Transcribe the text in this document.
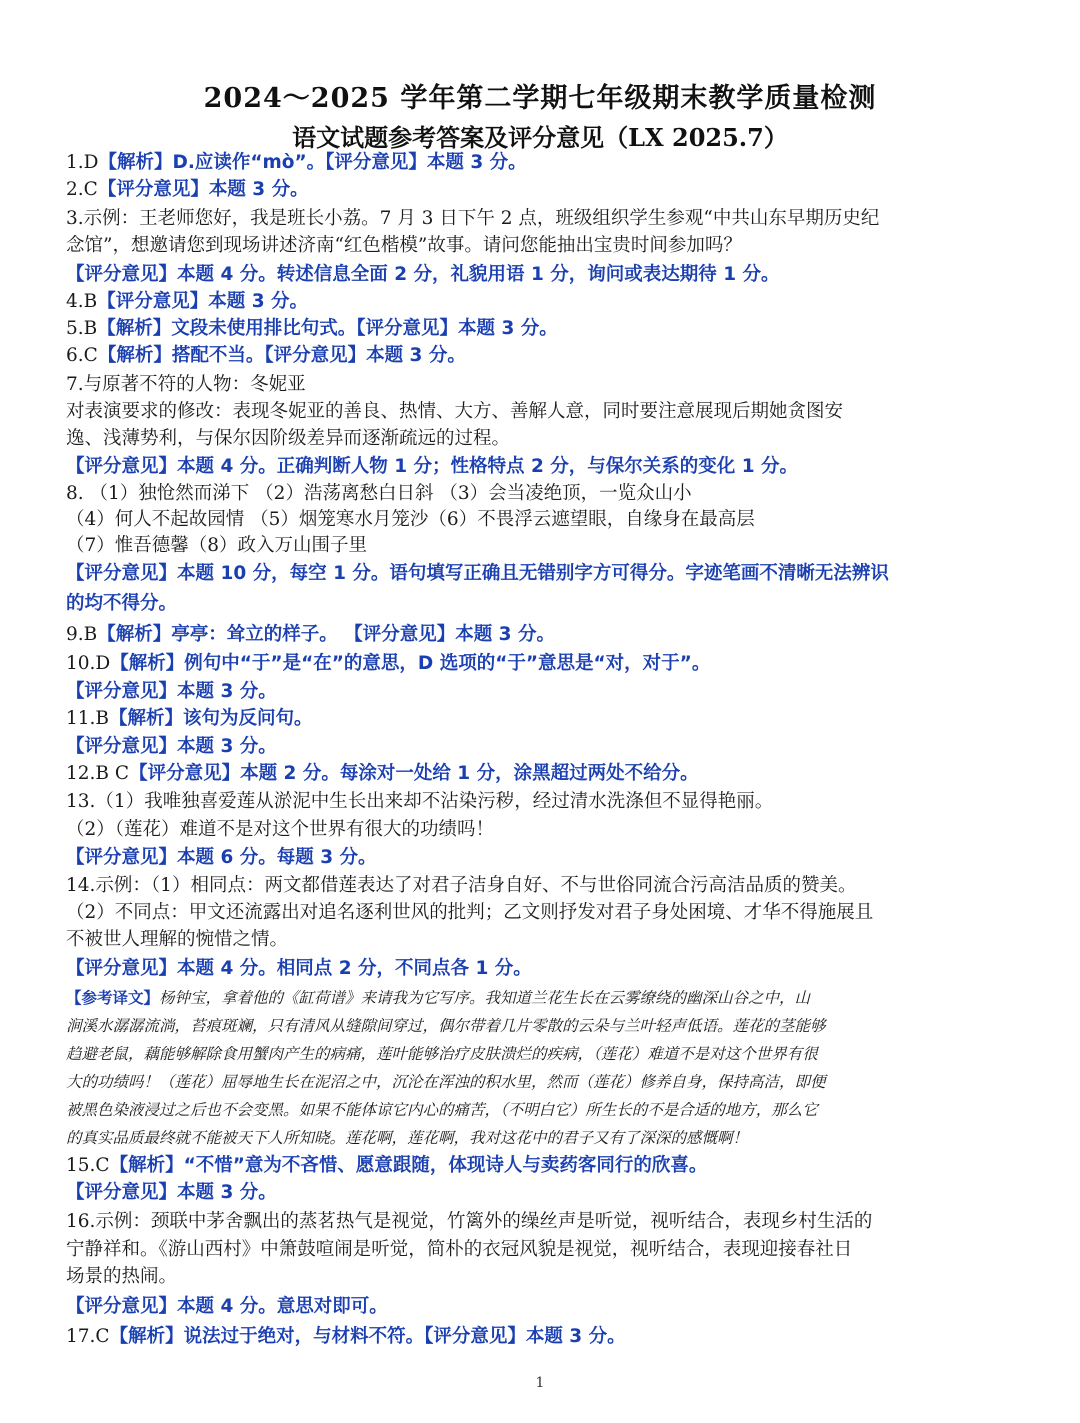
2024～2025 学年第二学期七年级期末教学质量检测
语文试题参考答案及评分意见（LX 2025.7）
1.D【解析】D.应读作“mò”。【评分意见】本题 3 分。
2.C【评分意见】本题 3 分。
3.示例：王老师您好，我是班长小荔。7 月 3 日下午 2 点，班级组织学生参观“中共山东早期历史纪
念馆”，想邀请您到现场讲述济南“红色楷模”故事。请问您能抽出宝贵时间参加吗？
【评分意见】本题 4 分。转述信息全面 2 分，礼貌用语 1 分，询问或表达期待 1 分。
4.B【评分意见】本题 3 分。
5.B【解析】文段未使用排比句式。【评分意见】本题 3 分。
6.C【解析】搭配不当。【评分意见】本题 3 分。
7.与原著不符的人物：冬妮亚
对表演要求的修改：表现冬妮亚的善良、热情、大方、善解人意，同时要注意展现后期她贪图安
逸、浅薄势利，与保尔因阶级差异而逐渐疏远的过程。
【评分意见】本题 4 分。正确判断人物 1 分；性格特点 2 分，与保尔关系的变化 1 分。
8. （1）独怆然而涕下 （2）浩荡离愁白日斜 （3）会当凌绝顶，一览众山小
（4）何人不起故园情 （5）烟笼寒水月笼沙（6）不畏浮云遮望眼，自缘身在最高层
（7）惟吾德馨（8）政入万山围子里
【评分意见】本题 10 分，每空 1 分。语句填写正确且无错别字方可得分。字迹笔画不清晰无法辨识
的均不得分。
9.B【解析】亭亭：耸立的样子。 【评分意见】本题 3 分。
10.D【解析】例句中“于”是“在”的意思，D 选项的“于”意思是“对，对于”。
【评分意见】本题 3 分。
11.B【解析】该句为反问句。
【评分意见】本题 3 分。
12.B C【评分意见】本题 2 分。每涂对一处给 1 分，涂黑超过两处不给分。
13.（1）我唯独喜爱莲从淤泥中生长出来却不沾染污秽，经过清水洗涤但不显得艳丽。
（2）（莲花）难道不是对这个世界有很大的功绩吗！
【评分意见】本题 6 分。每题 3 分。
14.示例：（1）相同点：两文都借莲表达了对君子洁身自好、不与世俗同流合污高洁品质的赞美。
（2）不同点：甲文还流露出对追名逐利世风的批判；乙文则抒发对君子身处困境、才华不得施展且
不被世人理解的惋惜之情。
【评分意见】本题 4 分。相同点 2 分，不同点各 1 分。
【参考译文】杨钟宝，拿着他的《缸荷谱》来请我为它写序。我知道兰花生长在云雾缭绕的幽深山谷之中，山
涧溪水潺潺流淌，苔痕斑斓，只有清风从缝隙间穿过，偶尔带着几片零散的云朵与兰叶轻声低语。莲花的茎能够
趋避老鼠，藕能够解除食用蟹肉产生的病痛，莲叶能够治疗皮肤溃烂的疾病，（莲花）难道不是对这个世界有很
大的功绩吗！（莲花）屈辱地生长在泥沼之中，沉沦在浑浊的积水里，然而（莲花）修养自身，保持高洁，即便
被黑色染液浸过之后也不会变黑。如果不能体谅它内心的痛苦，（不明白它）所生长的不是合适的地方，那么它
的真实品质最终就不能被天下人所知晓。莲花啊，莲花啊，我对这花中的君子又有了深深的感慨啊！
15.C【解析】“不惜”意为不吝惜、愿意跟随，体现诗人与卖药客同行的欣喜。
【评分意见】本题 3 分。
16.示例：颈联中茅舍飘出的蒸茗热气是视觉，竹篱外的缲丝声是听觉，视听结合，表现乡村生活的
宁静祥和。《游山西村》中箫鼓喧闹是听觉，简朴的衣冠风貌是视觉，视听结合，表现迎接春社日
场景的热闹。
【评分意见】本题 4 分。意思对即可。
17.C【解析】说法过于绝对，与材料不符。【评分意见】本题 3 分。
1
